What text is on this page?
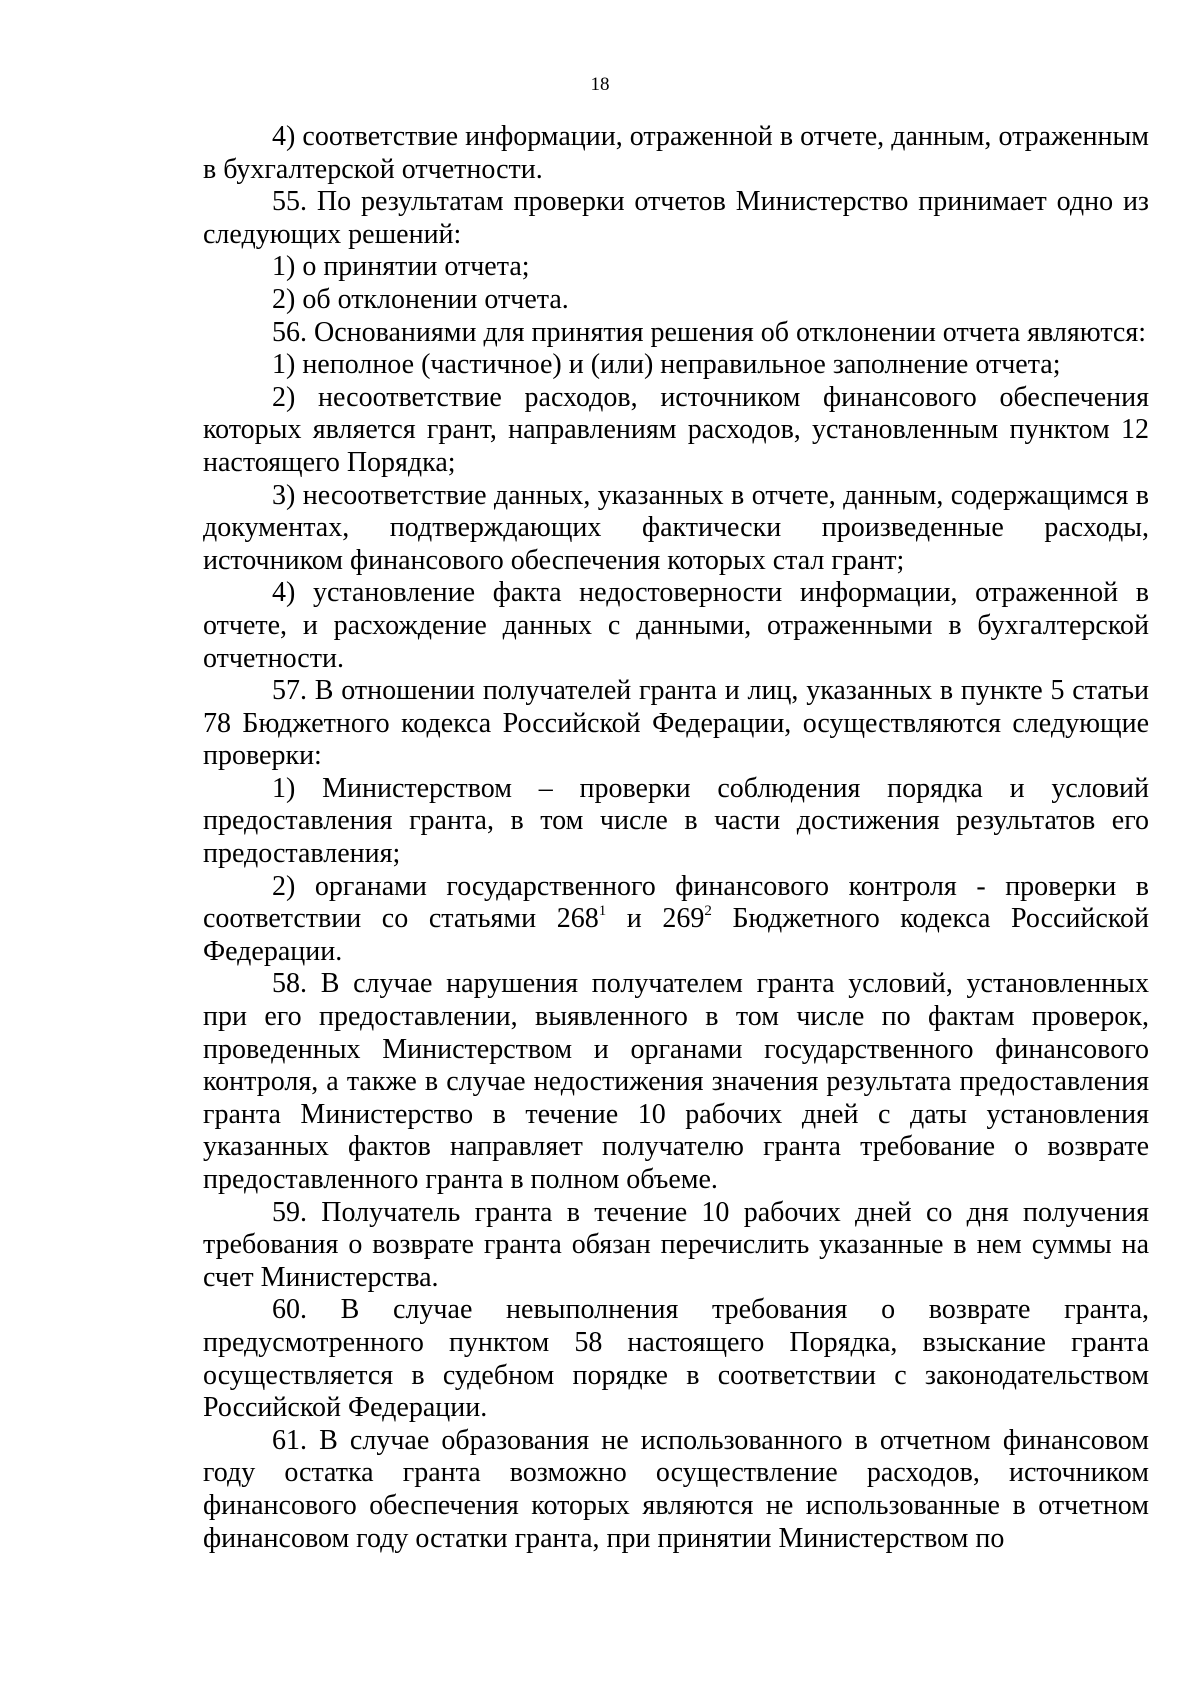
18

4) соответствие информации, отраженной в отчете, данным, отраженным в бухгалтерской отчетности.

55. По результатам проверки отчетов Министерство принимает одно из следующих решений:

1) о принятии отчета;

2) об отклонении отчета.

56. Основаниями для принятия решения об отклонении отчета являются:

1) неполное (частичное) и (или) неправильное заполнение отчета;

2) несоответствие расходов, источником финансового обеспечения которых является грант, направлениям расходов, установленным пунктом 12 настоящего Порядка;

3) несоответствие данных, указанных в отчете, данным, содержащимся в документах, подтверждающих фактически произведенные расходы, источником финансового обеспечения которых стал грант;

4) установление факта недостоверности информации, отраженной в отчете, и расхождение данных с данными, отраженными в бухгалтерской отчетности.

57. В отношении получателей гранта и лиц, указанных в пункте 5 статьи 78 Бюджетного кодекса Российской Федерации, осуществляются следующие проверки:

1) Министерством – проверки соблюдения порядка и условий предоставления гранта, в том числе в части достижения результатов его предоставления;

2) органами государственного финансового контроля - проверки в соответствии со статьями $268^1$ и $269^2$ Бюджетного кодекса Российской Федерации.

58. В случае нарушения получателем гранта условий, установленных при его предоставлении, выявленного в том числе по фактам проверок, проведенных Министерством и органами государственного финансового контроля, а также в случае недостижения значения результата предоставления гранта Министерство в течение 10 рабочих дней с даты установления указанных фактов направляет получателю гранта требование о возврате предоставленного гранта в полном объеме.

59. Получатель гранта в течение 10 рабочих дней со дня получения требования о возврате гранта обязан перечислить указанные в нем суммы на счет Министерства.

60. В случае невыполнения требования о возврате гранта, предусмотренного пунктом 58 настоящего Порядка, взыскание гранта осуществляется в судебном порядке в соответствии с законодательством Российской Федерации.

61. В случае образования не использованного в отчетном финансовом году остатка гранта возможно осуществление расходов, источником финансового обеспечения которых являются не использованные в отчетном финансовом году остатки гранта, при принятии Министерством по
